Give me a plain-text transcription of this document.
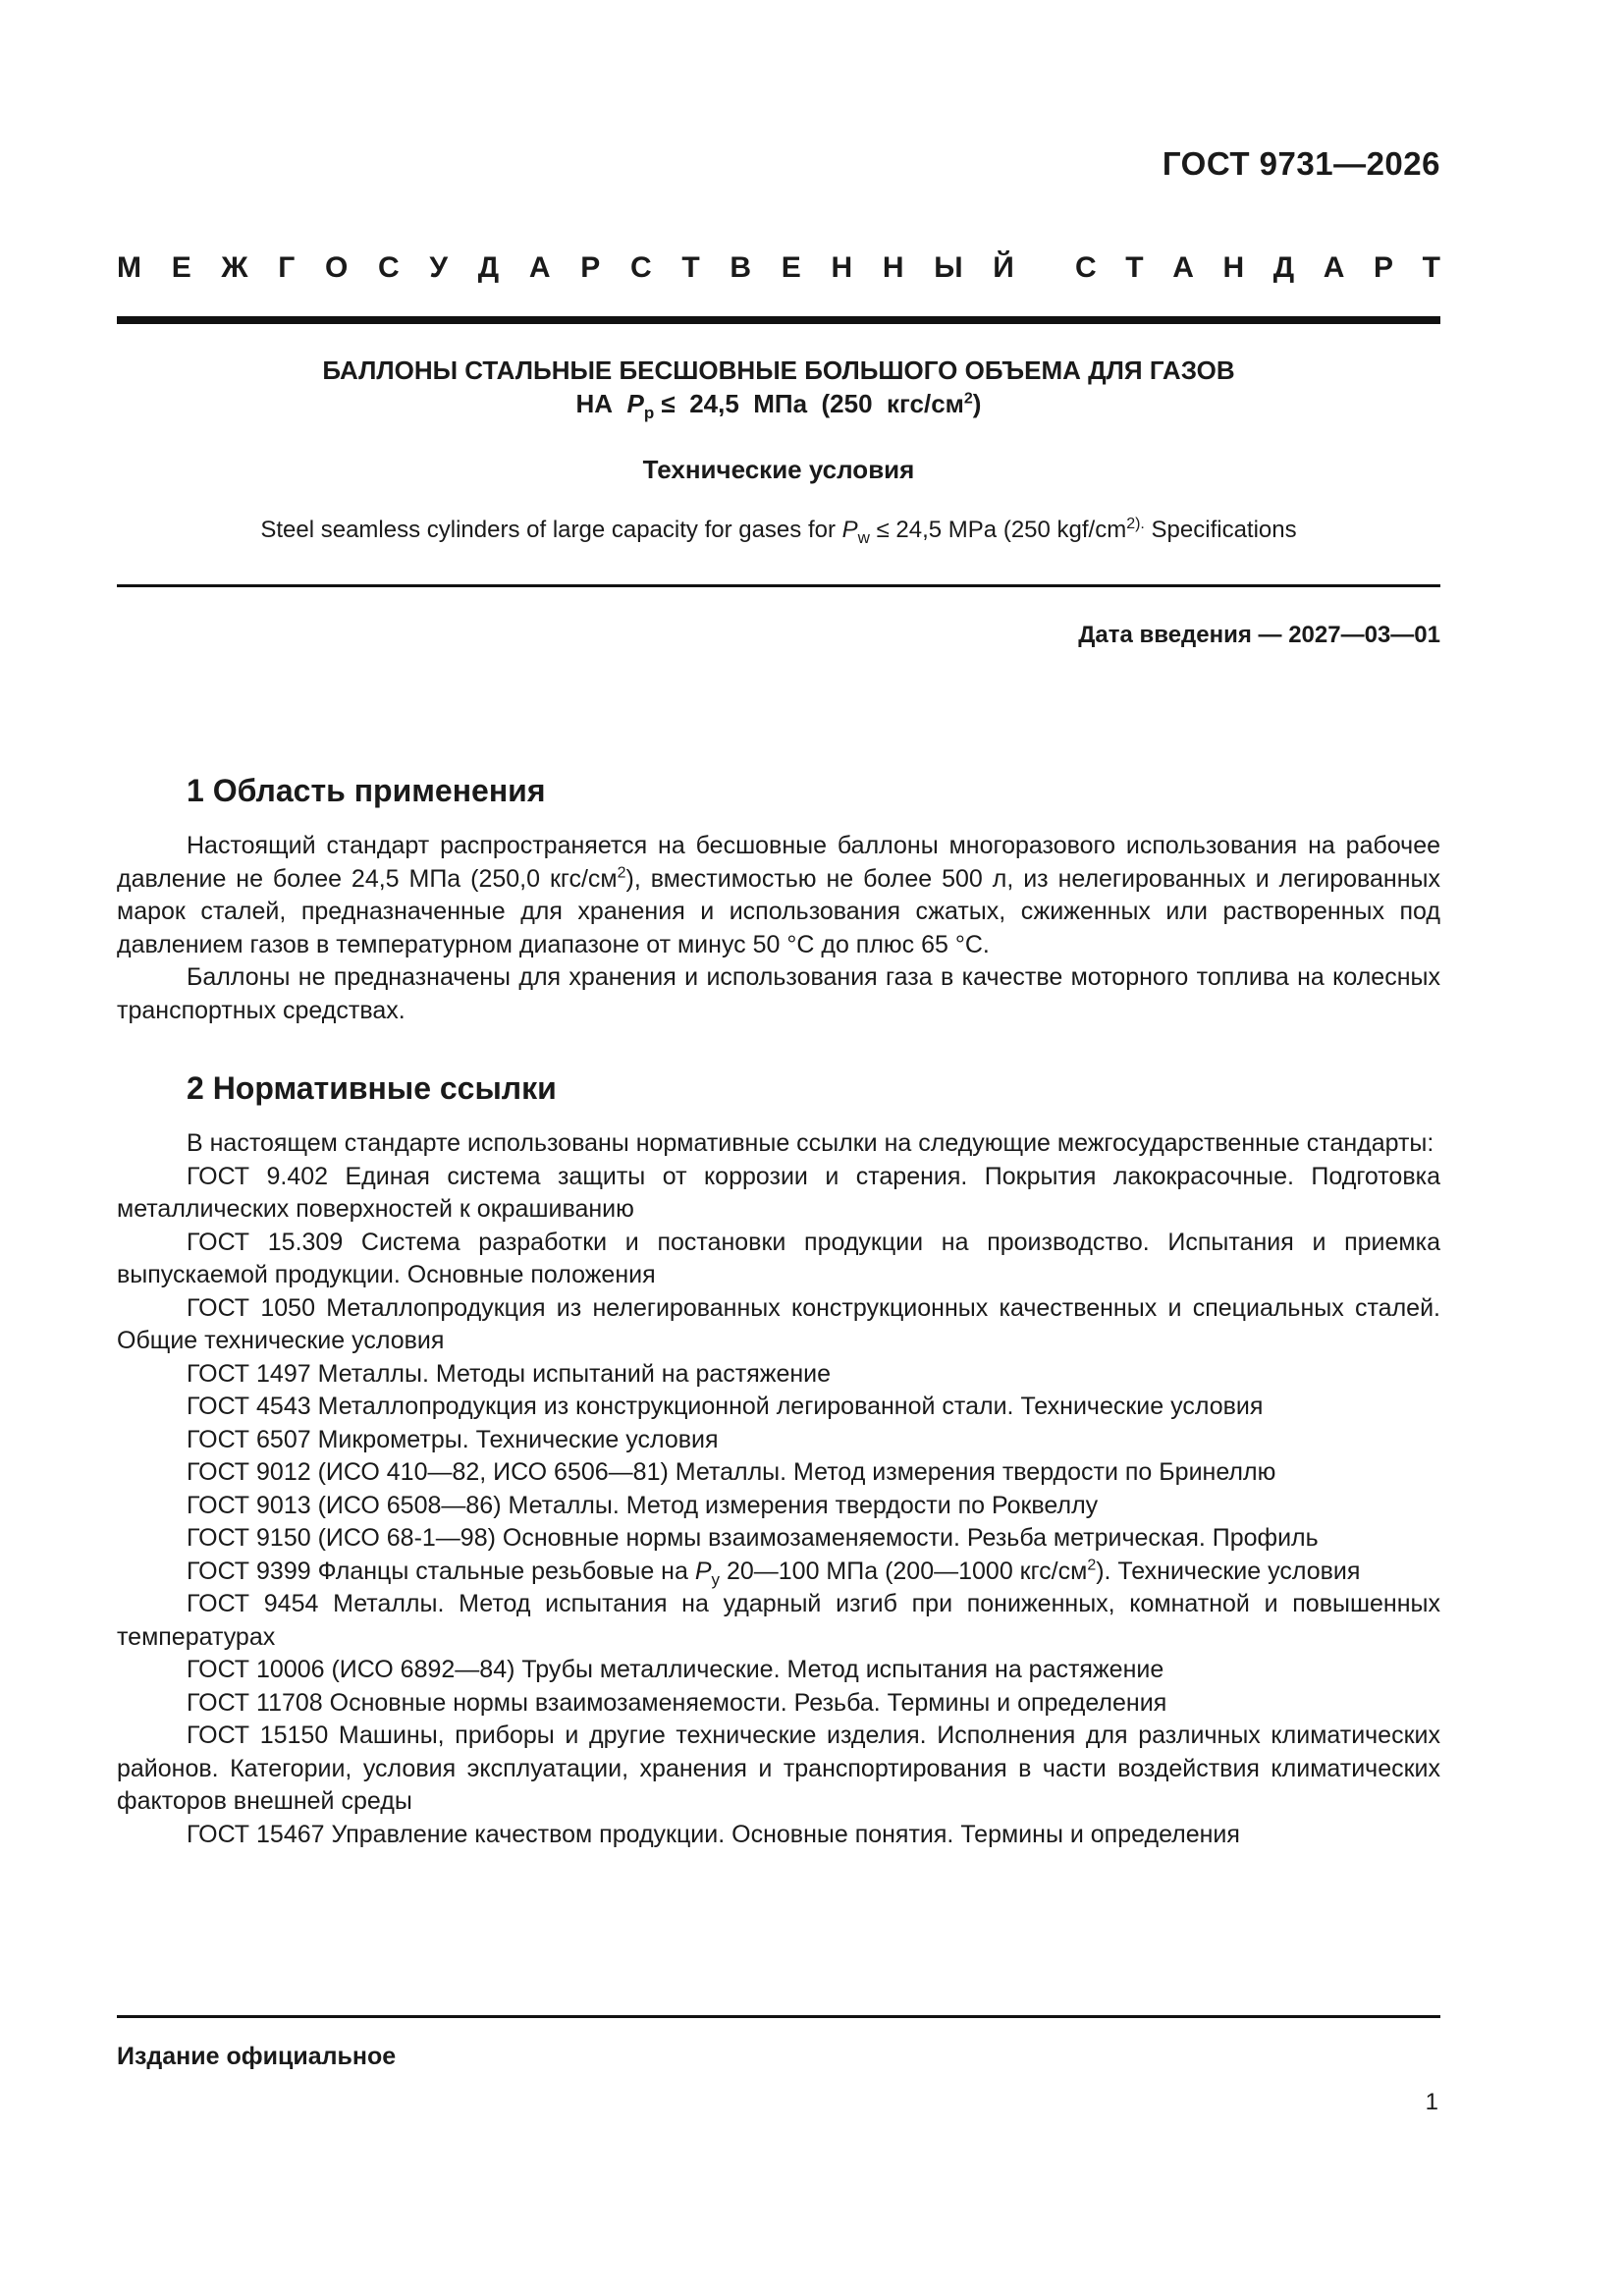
ГОСТ 9731—2026
М Е Ж Г О С У Д А Р С Т В Е Н Н Ы Й С Т А Н Д А Р Т
БАЛЛОНЫ СТАЛЬНЫЕ БЕСШОВНЫЕ БОЛЬШОГО ОБЪЕМА ДЛЯ ГАЗОВ
НА $P_р \le 24,5$  МПа  (250  кгс/$см^2$)
Технические условия
Steel seamless cylinders of large capacity for gases for $P_w \le 24,5$ MPa (250 kgf/$cm^{2).}$ Specifications
Дата введения — 2027—03—01
1 Область применения

Настоящий стандарт распространяется на бесшовные баллоны многоразового использования на рабочее давление не более 24,5 МПа (250,0 кгс/$см^2$), вместимостью не более 500 л, из нелегированных и легированных марок сталей, предназначенные для хранения и использования сжатых, сжиженных или растворенных под давлением газов в температурном диапазоне от минус 50 °С до плюс 65 °С.

Баллоны не предназначены для хранения и использования газа в качестве моторного топлива на колесных транспортных средствах.

2 Нормативные ссылки

В настоящем стандарте использованы нормативные ссылки на следующие межгосударственные стандарты:

ГОСТ 9.402 Единая система защиты от коррозии и старения. Покрытия лакокрасочные. Подготовка металлических поверхностей к окрашиванию

ГОСТ 15.309 Система разработки и постановки продукции на производство. Испытания и приемка выпускаемой продукции. Основные положения

ГОСТ 1050 Металлопродукция из нелегированных конструкционных качественных и специальных сталей. Общие технические условия

ГОСТ 1497 Металлы. Методы испытаний на растяжение

ГОСТ 4543 Металлопродукция из конструкционной легированной стали. Технические условия

ГОСТ 6507 Микрометры. Технические условия

ГОСТ 9012 (ИСО 410—82, ИСО 6506—81) Металлы. Метод измерения твердости по Бринеллю

ГОСТ 9013 (ИСО 6508—86) Металлы. Метод измерения твердости по Роквеллу

ГОСТ 9150 (ИСО 68-1—98) Основные нормы взаимозаменяемости. Резьба метрическая. Профиль

ГОСТ 9399 Фланцы стальные резьбовые на $P_у$ 20—100 МПа (200—1000 кгс/$см^2$). Технические условия

ГОСТ 9454 Металлы. Метод испытания на ударный изгиб при пониженных, комнатной и повышенных температурах

ГОСТ 10006 (ИСО 6892—84) Трубы металлические. Метод испытания на растяжение

ГОСТ 11708 Основные нормы взаимозаменяемости. Резьба. Термины и определения

ГОСТ 15150 Машины, приборы и другие технические изделия. Исполнения для различных климатических районов. Категории, условия эксплуатации, хранения и транспортирования в части воздействия климатических факторов внешней среды

ГОСТ 15467 Управление качеством продукции. Основные понятия. Термины и определения

Издание официальное
1
